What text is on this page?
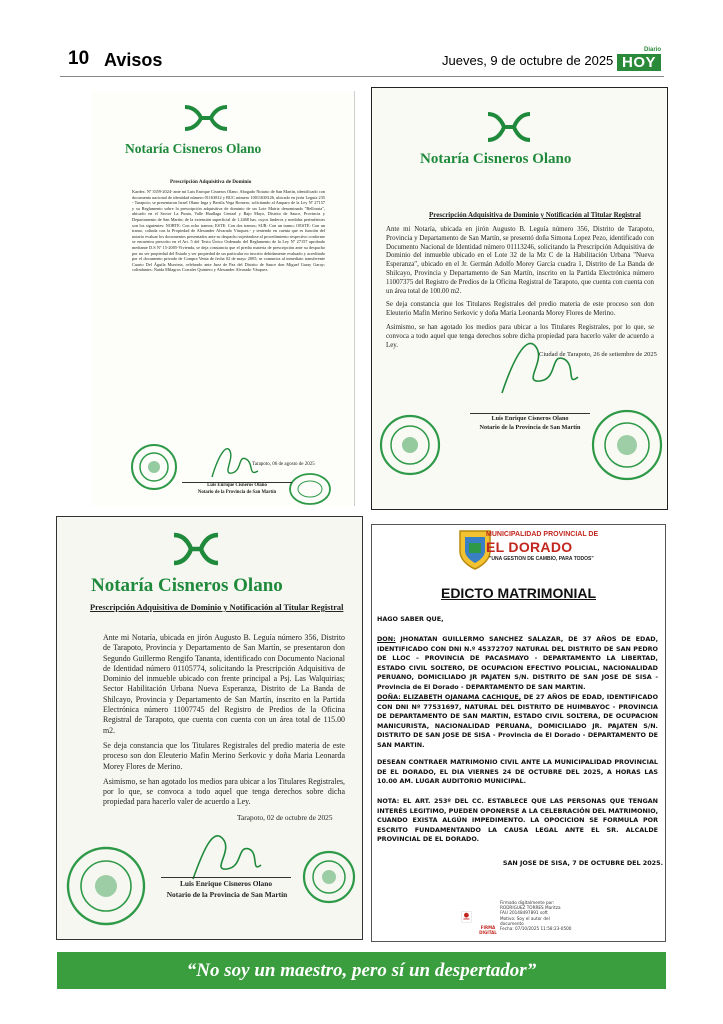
10 Avisos	Jueves, 9 de octubre de 2025
Diario
HOY
Notaría Cisneros Olano
Prescripción Adquisitiva de Dominio

Kardex. Nº 3359-2024- ante mí Luis Enrique Cisneros Olano. Abogado Notario de San Martín, identificado con documento nacional de identidad número 01163812 y RUC número 10011638126, ubicado en jirón Leguía 235 - Tarapoto; se presentaron Irrael Olano Inga y Bertila Vega Romero, solicitando al Amparo de la Ley Nº 27157 y su Reglamento sobre la prescripción adquisitiva de dominio de un Lote Matriz denominado "Belloraia", ubicado en el Sector La Punta, Valle Huallaga Central y Bajo Mayo, Distrito de Sauce, Provincia y Departamento de San Martín; de la extensión superficial de 1.2468 has. cuyos linderos y medidas perimétricas son los siguientes: NORTE: Con ocho tramos; ESTE: Con dos tramos; SUR: Con un tramo; OESTE: Con un tramo, colinda con la Propiedad de Alexander Alvarado Vásquez.- y teniendo en cuenta que es función del notario evaluar los documentos presentados ante su despacho sujetándose al procedimiento respectivo conforme se encuentra prescrito en el Art. 5 del Texto Único Ordenado del Reglamento de la Ley Nº 27157 aprobado mediante D.S Nº 15-2005-Vivienda, se deja constancia que el predio materia de prescripción ante su despacho por no ser propiedad del Estado y ser propiedad de un particular no inscrito debidamente evaluado y acreditado por el documento privado de Compra Venta de fecha 02 de mayo 2005; se comunica al inmediato transferente Cuarto Del Águila Murrieta, celebrado ante Juez de Paz del Distrito de Sauce don Miguel Garay Garay; colindantes: Naida Milagros Corrales Quintero y Alexander Alvarado Vásquez.

Tarapoto, 06 de agosto de 2025
Luis Enrique Cisneros Olano
Notario de la Provincia de San Martín
Notaría Cisneros Olano
Prescripción Adquisitiva de Dominio y Notificación al Titular Registral

Ante mi Notaría, ubicada en jirón Augusto B. Leguía número 356, Distrito de Tarapoto, Provincia y Departamento de San Martín, se presentó doña Simona Lopez Pezo, identificado con Documento Nacional de Identidad número 01113246, solicitando la Prescripción Adquisitiva de Dominio del inmueble ubicado en el Lote 32 de la Mz C de la Habilitación Urbana "Nueva Esperanza", ubicado en el Jr. Germán Adolfo Morey García cuadra 1, Distrito de La Banda de Shilcayo, Provincia y Departamento de San Martín, inscrito en la Partida Electrónica número 11007375 del Registro de Predios de la Oficina Registral de Tarapoto, que cuenta con cuenta con un área total de 100.00 m2.

Se deja constancia que los Titulares Registrales del predio materia de este proceso son don Eleuterio Mafin Merino Serkovic y doña María Leonarda Morey Flores de Merino.

Asimismo, se han agotado los medios para ubicar a los Titulares Registrales, por lo que, se convoca a todo aquel que tenga derechos sobre dicha propiedad para hacerlo valer de acuerdo a Ley.

Ciudad de Tarapoto, 26 de setiembre de 2025
Luis Enrique Cisneros Olano
Notario de la Provincia de San Martín
Notaría Cisneros Olano
Prescripción Adquisitiva de Dominio y Notificación al Titular Registral

Ante mi Notaría, ubicada en jirón Augusto B. Leguía número 356, Distrito de Tarapoto, Provincia y Departamento de San Martín, se presentaron don Segundo Guillermo Rengifo Tananta, identificado con Documento Nacional de Identidad número 01105774, solicitando la Prescripción Adquisitiva de Dominio del inmueble ubicado con frente principal a Psj. Las Walquirias; Sector Habilitación Urbana Nueva Esperanza, Distrito de La Banda de Shilcayo, Provincia y Departamento de San Martín, inscrito en la Partida Electrónica número 11007745 del Registro de Predios de la Oficina Registral de Tarapoto, que cuenta con cuenta con un área total de 115.00 m2.

Se deja constancia que los Titulares Registrales del predio materia de este proceso son don Eleuterio Mafin Merino Serkovic y doña Maria Leonarda Morey Flores de Merino.

Asimismo, se han agotado los medios para ubicar a los Titulares Registrales, por lo que, se convoca a todo aquel que tenga derechos sobre dicha propiedad para hacerlo valer de acuerdo a Ley.

Tarapoto, 02 de octubre de 2025
Luis Enrique Cisneros Olano
Notario de la Provincia de San Martín
MUNICIPALIDAD PROVINCIAL DE
EL DORADO
"UNA GESTION DE CAMBIO, PARA TODOS"
EDICTO MATRIMONIAL
HAGO SABER QUE,
DON: JHONATAN GUILLERMO SANCHEZ SALAZAR, DE 37 AÑOS DE EDAD, IDENTIFICADO CON DNI N.º 45372707 NATURAL DEL DISTRITO DE SAN PEDRO DE LLOC – PROVINCIA DE PACASMAYO - DEPARTAMENTO LA LIBERTAD, ESTADO CIVIL SOLTERO, DE OCUPACION EFECTIVO POLICIAL, NACIONALIDAD PERUANO, DOMICILIADO JR PAJATEN S/N. DISTRITO DE SAN JOSE DE SISA - Provincia de El Dorado - DEPARTAMENTO DE SAN MARTIN.
DOÑA: ELIZABETH OJANAMA CACHIQUE, DE 27 AÑOS DE EDAD, IDENTIFICADO CON DNI Nº 77531697, NATURAL DEL DISTRITO DE HUIMBAYOC - PROVINCIA DE DEPARTAMENTO DE SAN MARTIN, ESTADO CIVIL SOLTERA, DE OCUPACION MANICURISTA, NACIONALIDAD PERUANA, DOMICILIADO JR. PAJATEN S/N. DISTRITO DE SAN JOSE DE SISA - Provincia de El Dorado - DEPARTAMENTO DE SAN MARTIN.
DESEAN CONTRAER MATRIMONIO CIVIL ANTE LA MUNICIPALIDAD PROVINCIAL DE EL DORADO, EL DIA VIERNES 24 DE OCTUBRE DEL 2025, A HORAS LAS 10.00 AM. LUGAR AUDITORIO MUNICIPAL.
NOTA: EL ART. 253º DEL CC. ESTABLECE QUE LAS PERSONAS QUE TENGAN INTERÉS LEGITIMO, PUEDEN OPONERSE A LA CELEBRACIÓN DEL MATRIMONIO, CUANDO EXISTA ALGÚN IMPEDIMENTO. LA OPOCICION SE FORMULA POR ESCRITO FUNDAMENTANDO LA CAUSA LEGAL ANTE EL SR. ALCALDE PROVINCIAL DE EL DORADO.
SAN JOSE DE SISA, 7 DE OCTUBRE DEL 2025.
Firmado digitalmente por:
RODRIGUEZ TORRES Maritza
FAU 20148497891 soft
Motivo: Soy el autor del
documento
Fecha: 07/10/2025 11:58:23-0500
FIRMA DIGITAL
“No soy un maestro, pero sí un despertador”
